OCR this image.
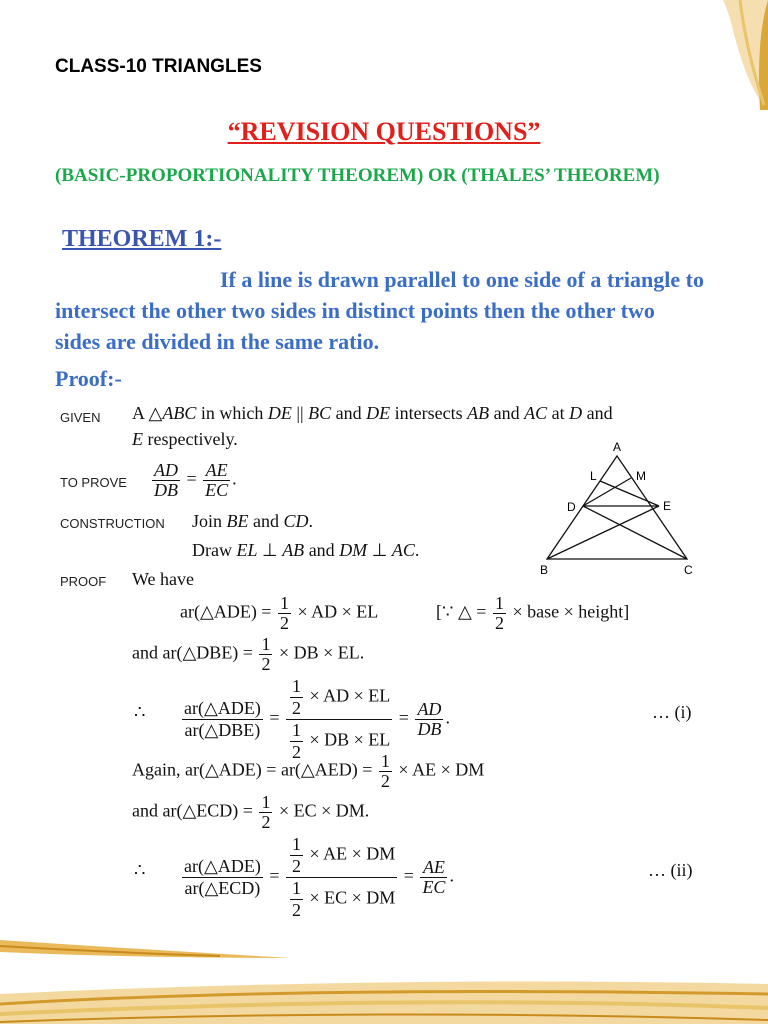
CLASS-10 TRIANGLES
“REVISION QUESTIONS”
(BASIC-PROPORTIONALITY THEOREM) OR (THALES’ THEOREM)
THEOREM 1:-
If a line is drawn parallel to one side of a triangle to intersect the other two sides in distinct points then the other two sides are divided in the same ratio.
Proof:-
GIVEN A △ABC in which DE || BC and DE intersects AB and AC at D and
E respectively.
TO PROVE $\frac{AD}{DB} = \frac{AE}{EC}$ .
CONSTRUCTION Join BE and CD.
Draw EL ⊥ AB and DM ⊥ AC.
A
L	M
D	E
B	C
PROOF We have
ar(△ADE) = $\frac{1}{2}$ × AD × EL	[∵ △ = $\frac{1}{2}$ × base × height]
and ar(△DBE) = $\frac{1}{2}$ × DB × EL.
∴ $\frac{\text{ar(△ADE)}}{\text{ar(△DBE)}} = \frac{\frac{1}{2} \times AD \times EL}{\frac{1}{2} \times DB \times EL} = \frac{AD}{DB}$ .	… (i)
Again, ar(△ADE) = ar(△AED) = $\frac{1}{2}$ × AE × DM
and ar(△ECD) = $\frac{1}{2}$ × EC × DM.
∴ $\frac{\text{ar(△ADE)}}{\text{ar(△ECD)}} = \frac{\frac{1}{2} \times AE \times DM}{\frac{1}{2} \times EC \times DM} = \frac{AE}{EC}$ .	… (ii)
